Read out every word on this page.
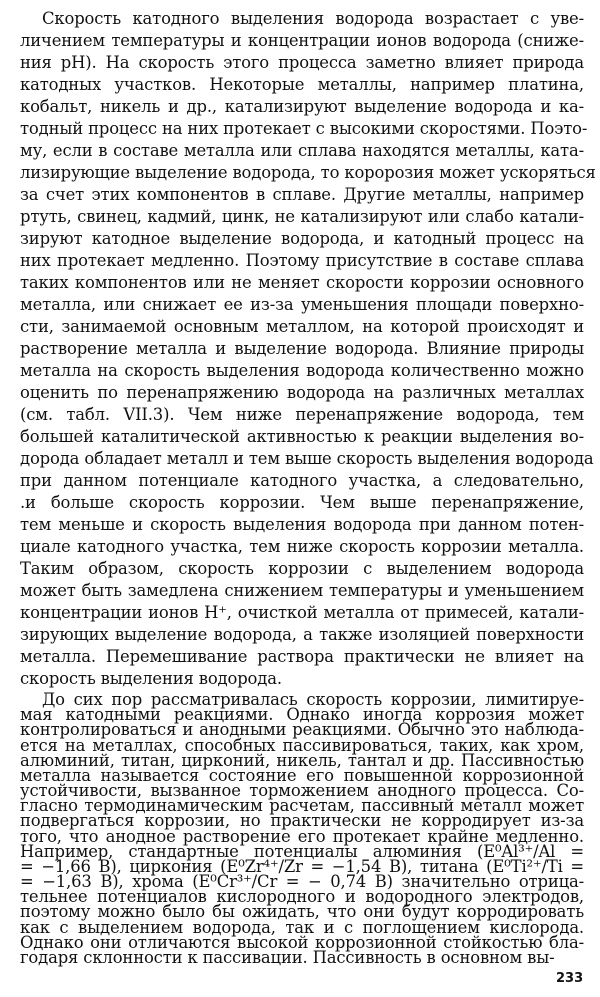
Скорость катодного выделения водорода возрастает с уве-
личением температуры и концентрации ионов водорода (сниже-
ния pH). На скорость этого процесса заметно влияет природа
катодных участков. Некоторые металлы, например платина,
кобальт, никель и др., катализируют выделение водорода и ка-
тодный процесс на них протекает с высокими скоростями. Поэто-
му, если в составе металла или сплава находятся металлы, ката-
лизирующие выделение водорода, то коророзия может ускоряться
за счет этих компонентов в сплаве. Другие металлы, например
ртуть, свинец, кадмий, цинк, не катализируют или слабо катали-
зируют катодное выделение водорода, и катодный процесс на
них протекает медленно. Поэтому присутствие в составе сплава
таких компонентов или не меняет скорости коррозии основного
металла, или снижает ее из-за уменьшения площади поверхно-
сти, занимаемой основным металлом, на которой происходят и
растворение металла и выделение водорода. Влияние природы
металла на скорость выделения водорода количественно можно
оценить по перенапряжению водорода на различных металлах
(см. табл. VII.3). Чем ниже перенапряжение водорода, тем
большей каталитической активностью к реакции выделения во-
дорода обладает металл и тем выше скорость выделения водорода
при данном потенциале катодного участка, а следовательно,
.и больше скорость коррозии. Чем выше перенапряжение,
тем меньше и скорость выделения водорода при данном потен-
циале катодного участка, тем ниже скорость коррозии металла.
Таким образом, скорость коррозии с выделением водорода
может быть замедлена снижением температуры и уменьшением
концентрации ионов H⁺, очисткой металла от примесей, катали-
зирующих выделение водорода, а также изоляцией поверхности
металла. Перемешивание раствора практически не влияет на
скорость выделения водорода.
До сих пор рассматривалась скорость коррозии, лимитируе-
мая катодными реакциями. Однако иногда коррозия может
контролироваться и анодными реакциями. Обычно это наблюда-
ется на металлах, способных пассивироваться, таких, как хром,
алюминий, титан, цирконий, никель, тантал и др. Пассивностью
металла называется состояние его повышенной коррозионной
устойчивости, вызванное торможением анодного процесса. Со-
гласно термодинамическим расчетам, пассивный металл может
подвергаться коррозии, но практически не корродирует из-за
того, что анодное растворение его протекает крайне медленно.
Например, стандартные потенциалы алюминия (E⁰Al³⁺/Al =
= −1,66 В), циркония (E⁰Zr⁴⁺/Zr = −1,54 В), титана (E⁰Ti²⁺/Ti =
= −1,63 В), хрома (E⁰Cr³⁺/Cr = − 0,74 В) значительно отрица-
тельнее потенциалов кислородного и водородного электродов,
поэтому можно было бы ожидать, что они будут корродировать
как с выделением водорода, так и с поглощением кислорода.
Однако они отличаются высокой коррозионной стойкостью бла-
годаря склонности к пассивации. Пассивность в основном вы-
233
